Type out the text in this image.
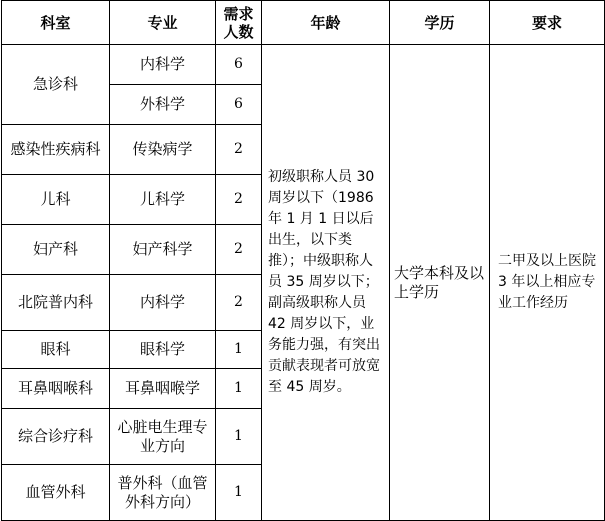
科室	专业	需求人数	年龄	学历	要求
急诊科	内科学	6	初级职称人员 30 周岁以下（1986 年 1 月 1 日以后出生，以下类推）；中级职称人员 35 周岁以下；副高级职称人员 42 周岁以下，业务能力强，有突出贡献表现者可放宽至 45 周岁。	大学本科及以上学历	二甲及以上医院 3 年以上相应专业工作经历
	外科学	6			

感染性疾病科	传染病学	2			
儿科	儿科学	2			
妇产科	妇产科学	2			
北院普内科	内科学	2			
眼科	眼科学	1			
耳鼻咽喉科	耳鼻咽喉学	1			
综合诊疗科	心脏电生理专业方向	1			
血管外科	普外科（血管外科方向）	1			
